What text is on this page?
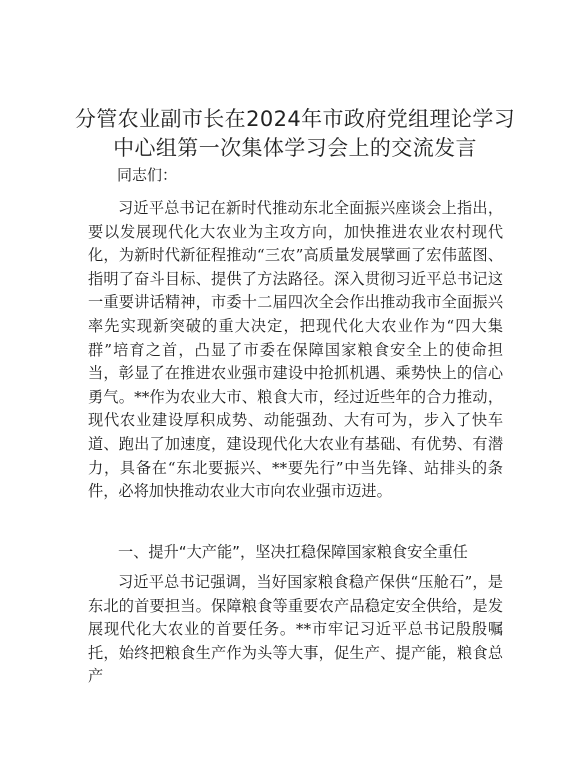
分管农业副市长在2024年市政府党组理论学习
中心组第一次集体学习会上的交流发言
同志们：
习近平总书记在新时代推动东北全面振兴座谈会上指出，要以发展现代化大农业为主攻方向，加快推进农业农村现代化，为新时代新征程推动“三农”高质量发展擘画了宏伟蓝图、指明了奋斗目标、提供了方法路径。深入贯彻习近平总书记这一重要讲话精神，市委十二届四次全会作出推动我市全面振兴率先实现新突破的重大决定，把现代化大农业作为“四大集群”培育之首，凸显了市委在保障国家粮食安全上的使命担当，彰显了在推进农业强市建设中抢抓机遇、乘势快上的信心勇气。**作为农业大市、粮食大市，经过近些年的合力推动，现代农业建设厚积成势、动能强劲、大有可为，步入了快车道、跑出了加速度，建设现代化大农业有基础、有优势、有潜力，具备在“东北要振兴、**要先行”中当先锋、站排头的条件，必将加快推动农业大市向农业强市迈进。
一、提升“大产能”，坚决扛稳保障国家粮食安全重任
习近平总书记强调，当好国家粮食稳产保供“压舱石”，是东北的首要担当。保障粮食等重要农产品稳定安全供给，是发展现代化大农业的首要任务。**市牢记习近平总书记殷殷嘱托，始终把粮食生产作为头等大事，促生产、提产能，粮食总产
